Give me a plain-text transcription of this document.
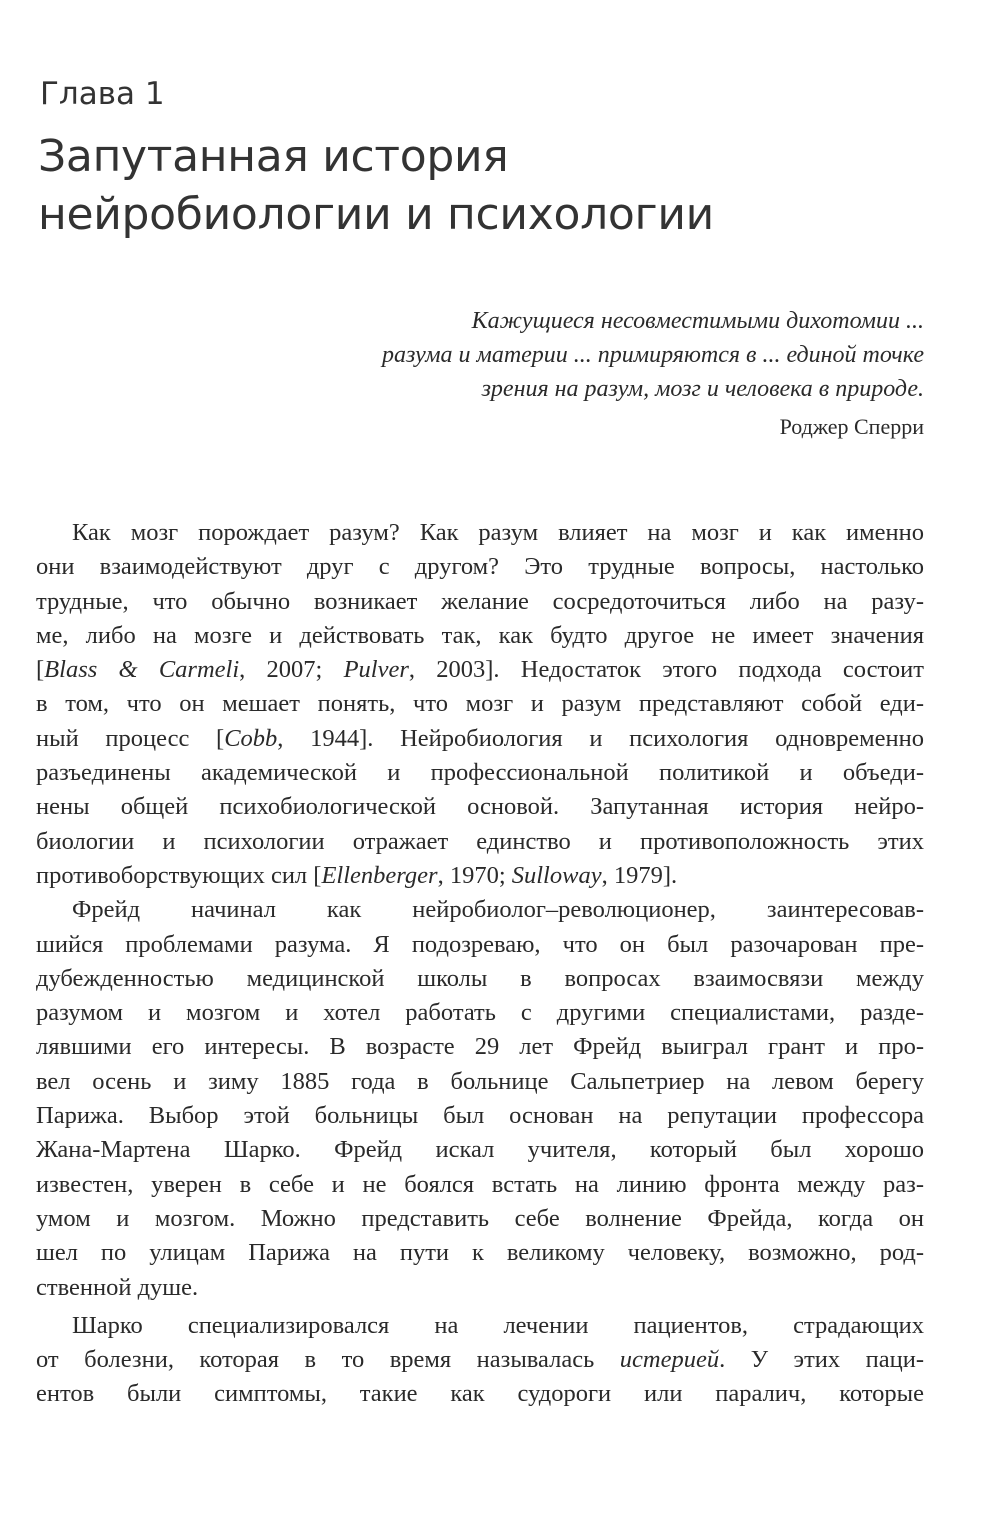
Глава 1
Запутанная история
нейробиологии и психологии
Кажущиеся несовместимыми дихотомии ...
разума и материи ... примиряются в ... единой точке
зрения на разум, мозг и человека в природе.
Роджер Сперри
Как мозг порождает разум? Как разум влияет на мозг и как именно
они взаимодействуют друг с другом? Это трудные вопросы, настолько
трудные, что обычно возникает желание сосредоточиться либо на разу-
ме, либо на мозге и действовать так, как будто другое не имеет значения
[Blass & Carmeli, 2007; Pulver, 2003]. Недостаток этого подхода состоит
в том, что он мешает понять, что мозг и разум представляют собой еди-
ный процесс [Cobb, 1944]. Нейробиология и психология одновременно
разъединены академической и профессиональной политикой и объеди-
нены общей психобиологической основой. Запутанная история нейро-
биологии и психологии отражает единство и противоположность этих
противоборствующих сил [Ellenberger, 1970; Sulloway, 1979].
Фрейд начинал как нейробиолог–революционер, заинтересовав-
шийся проблемами разума. Я подозреваю, что он был разочарован пре-
дубежденностью медицинской школы в вопросах взаимосвязи между
разумом и мозгом и хотел работать с другими специалистами, разде-
лявшими его интересы. В возрасте 29 лет Фрейд выиграл грант и про-
вел осень и зиму 1885 года в больнице Сальпетриер на левом берегу
Парижа. Выбор этой больницы был основан на репутации профессора
Жана-Мартена Шарко. Фрейд искал учителя, который был хорошо
известен, уверен в себе и не боялся встать на линию фронта между раз-
умом и мозгом. Можно представить себе волнение Фрейда, когда он
шел по улицам Парижа на пути к великому человеку, возможно, род-
ственной душе.
Шарко специализировался на лечении пациентов, страдающих
от болезни, которая в то время называлась истерией. У этих паци-
ентов были симптомы, такие как судороги или паралич, которые
